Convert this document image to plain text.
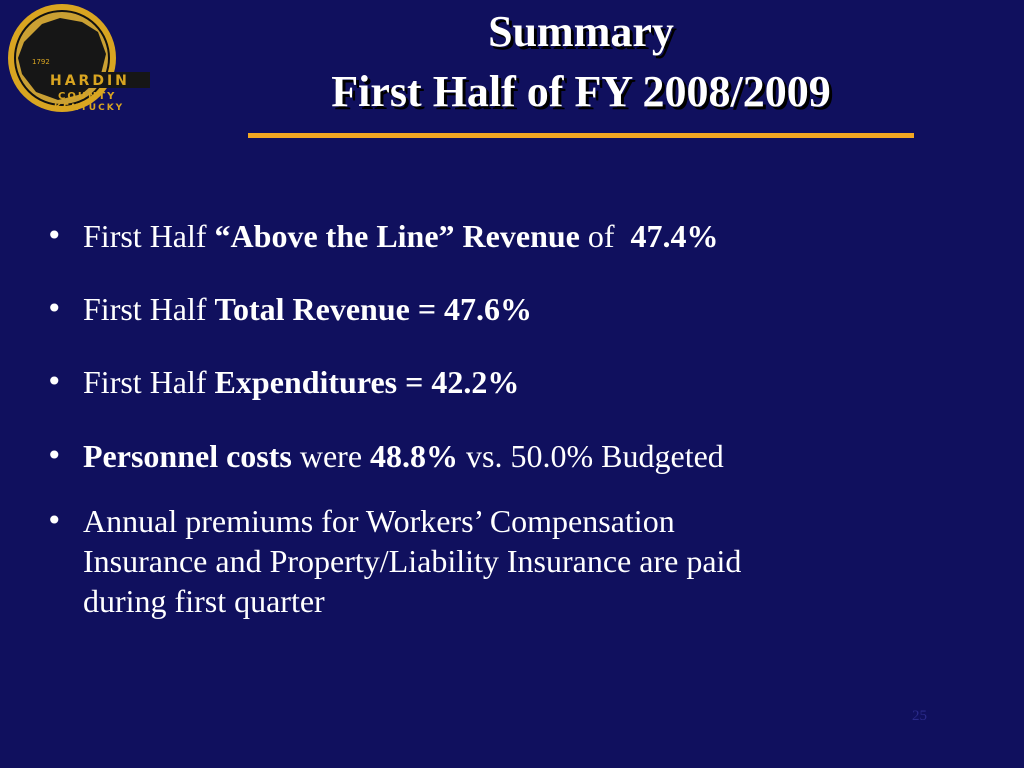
1792
HARDIN
COUNTY
KENTUCKY
Summary
First Half of FY 2008/2009
• First Half “Above the Line” Revenue of  47.4%
• First Half Total Revenue = 47.6%
• First Half Expenditures = 42.2%
• Personnel costs were 48.8% vs. 50.0% Budgeted
• Annual premiums for Workers’ Compensation
Insurance and Property/Liability Insurance are paid
during first quarter
25
